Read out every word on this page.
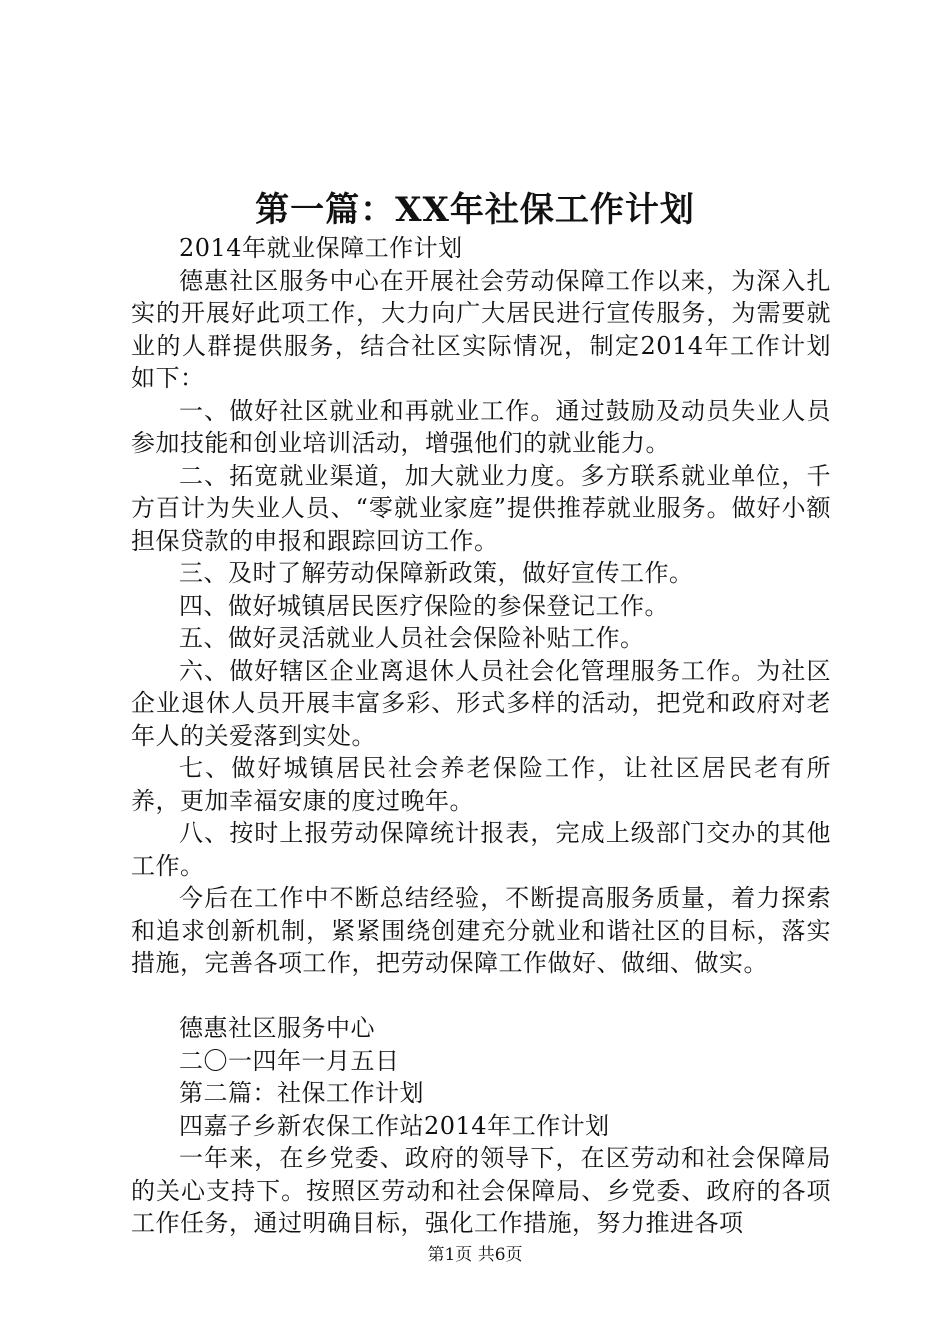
第一篇：XX年社保工作计划

2014年就业保障工作计划

德惠社区服务中心在开展社会劳动保障工作以来，为深入扎实的开展好此项工作，大力向广大居民进行宣传服务，为需要就业的人群提供服务，结合社区实际情况，制定2014年工作计划如下：

一、做好社区就业和再就业工作。通过鼓励及动员失业人员参加技能和创业培训活动，增强他们的就业能力。

二、拓宽就业渠道，加大就业力度。多方联系就业单位，千方百计为失业人员、“零就业家庭”提供推荐就业服务。做好小额担保贷款的申报和跟踪回访工作。

三、及时了解劳动保障新政策，做好宣传工作。

四、做好城镇居民医疗保险的参保登记工作。

五、做好灵活就业人员社会保险补贴工作。

六、做好辖区企业离退休人员社会化管理服务工作。为社区企业退休人员开展丰富多彩、形式多样的活动，把党和政府对老年人的关爱落到实处。

七、做好城镇居民社会养老保险工作，让社区居民老有所养，更加幸福安康的度过晚年。

八、按时上报劳动保障统计报表，完成上级部门交办的其他工作。

今后在工作中不断总结经验，不断提高服务质量，着力探索和追求创新机制，紧紧围绕创建充分就业和谐社区的目标，落实措施，完善各项工作，把劳动保障工作做好、做细、做实。

德惠社区服务中心

二〇一四年一月五日

第二篇：社保工作计划

四嘉子乡新农保工作站2014年工作计划

一年来，在乡党委、政府的领导下，在区劳动和社会保障局的关心支持下。按照区劳动和社会保障局、乡党委、政府的各项工作任务，通过明确目标，强化工作措施，努力推进各项

第1页 共6页
